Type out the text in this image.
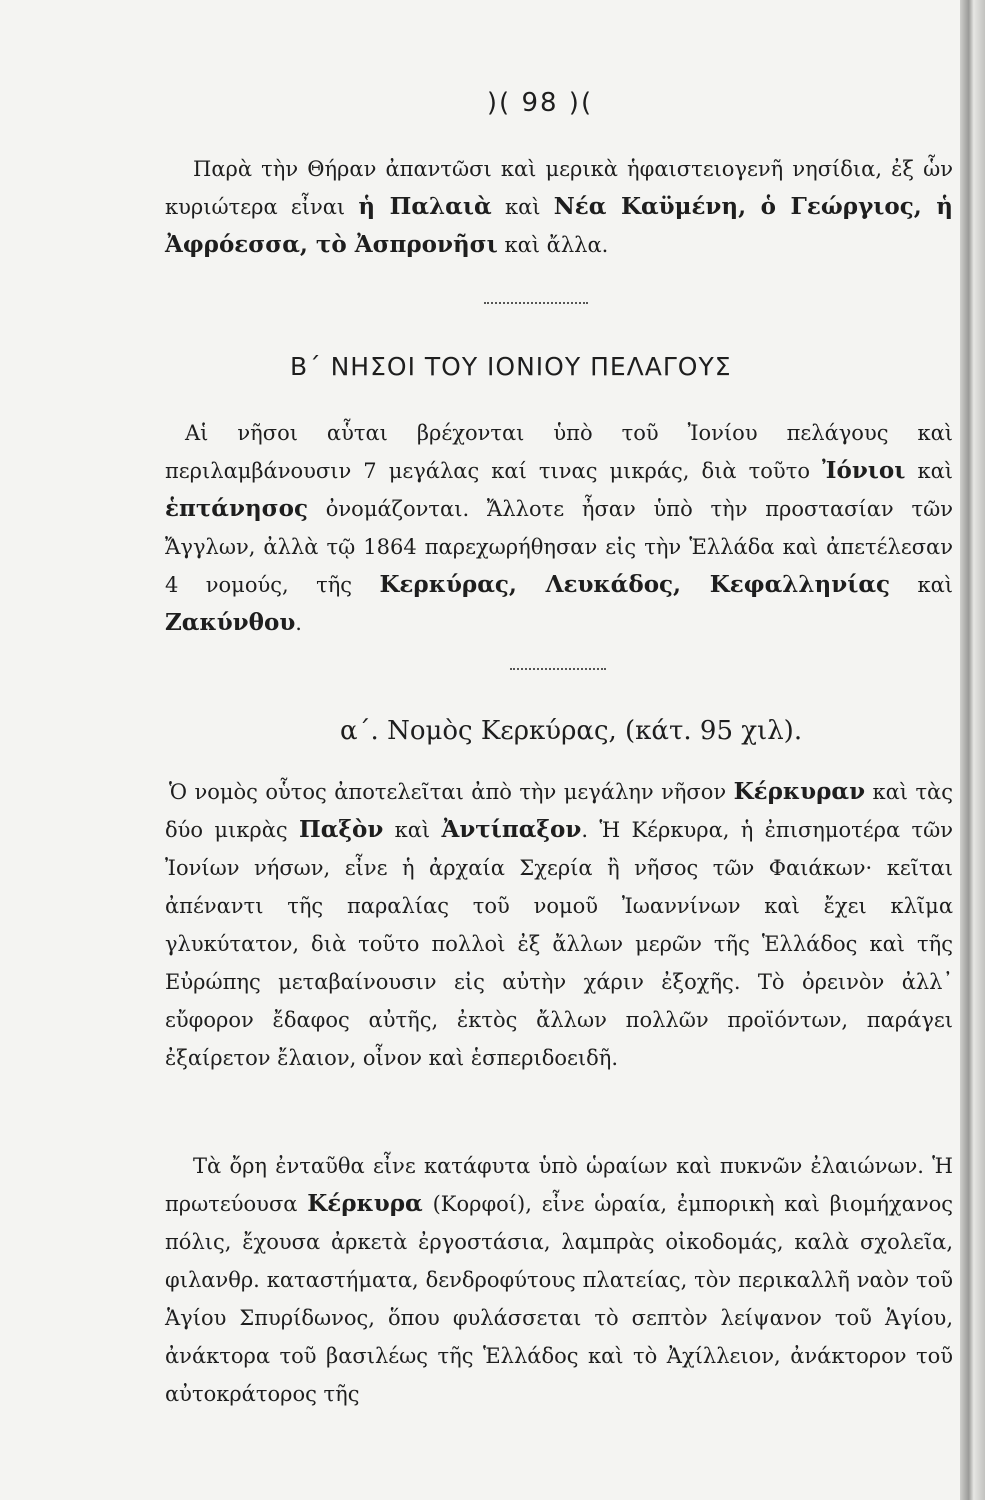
)( 98 )(
Παρὰ τὴν Θήραν ἀπαντῶσι καὶ μερικὰ ἡφαιστειογενῆ νησίδια, ἐξ ὧν κυριώτερα εἶναι ἡ Παλαιὰ καὶ Νέα Καϋμένη, ὁ Γεώργιος, ἡ Ἀφρόεσσα, τὸ Ἀσπρονῆσι καὶ ἄλλα.
Β΄ ΝΗΣΟΙ ΤΟΥ ΙΟΝΙΟΥ ΠΕΛΑΓΟΥΣ
Αἱ νῆσοι αὗται βρέχονται ὑπὸ τοῦ Ἰονίου πελάγους καὶ περιλαμβάνουσιν 7 μεγάλας καί τινας μικράς, διὰ τοῦτο Ἰόνιοι καὶ ἑπτάνησος ὀνομάζονται. Ἄλλοτε ἦσαν ὑπὸ τὴν προστασίαν τῶν Ἄγγλων, ἀλλὰ τῷ 1864 παρεχωρήθησαν εἰς τὴν Ἑλλάδα καὶ ἀπετέλεσαν 4 νομούς, τῆς Κερκύρας, Λευκάδος, Κεφαλληνίας καὶ Ζακύνθου.
α΄. Νομὸς Κερκύρας, (κάτ. 95 χιλ).
Ὁ νομὸς οὗτος ἀποτελεῖται ἀπὸ τὴν μεγάλην νῆσον Κέρκυραν καὶ τὰς δύο μικρὰς Παξὸν καὶ Ἀντίπαξον. Ἡ Κέρκυρα, ἡ ἐπισημοτέρα τῶν Ἰονίων νήσων, εἶνε ἡ ἀρχαία Σχερία ἢ νῆσος τῶν Φαιάκων· κεῖται ἀπέναντι τῆς παραλίας τοῦ νομοῦ Ἰωαννίνων καὶ ἔχει κλῖμα γλυκύτατον, διὰ τοῦτο πολλοὶ ἐξ ἄλλων μερῶν τῆς Ἑλλάδος καὶ τῆς Εὐρώπης μεταβαίνουσιν εἰς αὐτὴν χάριν ἐξοχῆς. Τὸ ὀρεινὸν ἀλλ᾽ εὔφορον ἔδαφος αὐτῆς, ἐκτὸς ἄλλων πολλῶν προϊόντων, παράγει ἐξαίρετον ἔλαιον, οἶνον καὶ ἑσπεριδοειδῆ.
Τὰ ὄρη ἐνταῦθα εἶνε κατάφυτα ὑπὸ ὡραίων καὶ πυκνῶν ἐλαιώνων. Ἡ πρωτεύουσα Κέρκυρα (Κορφοί), εἶνε ὡραία, ἐμπορικὴ καὶ βιομήχανος πόλις, ἔχουσα ἀρκετὰ ἐργοστάσια, λαμπρὰς οἰκοδομάς, καλὰ σχολεῖα, φιλανθρ. καταστήματα, δενδροφύτους πλατείας, τὸν περικαλλῆ ναὸν τοῦ Ἁγίου Σπυρίδωνος, ὅπου φυλάσσεται τὸ σεπτὸν λείψανον τοῦ Ἁγίου, ἀνάκτορα τοῦ βασιλέως τῆς Ἑλλάδος καὶ τὸ Ἀχίλλειον, ἀνάκτορον τοῦ αὐτοκράτορος τῆς
